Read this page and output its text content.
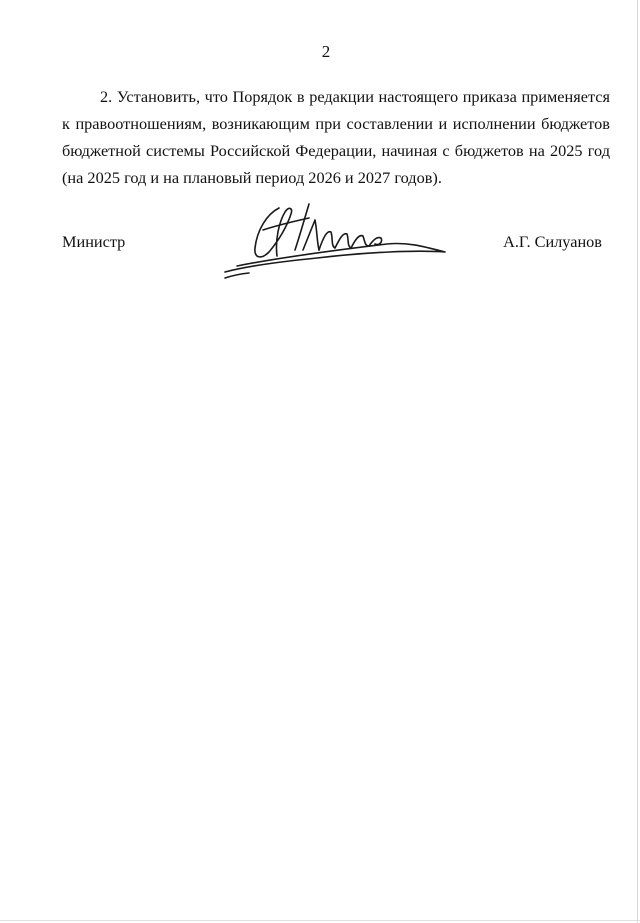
2

2. Установить, что Порядок в редакции настоящего приказа применяется к правоотношениям, возникающим при составлении и исполнении бюджетов бюджетной системы Российской Федерации, начиная с бюджетов на 2025 год (на 2025 год и на плановый период 2026 и 2027 годов).

Министр	А.Г. Силуанов
